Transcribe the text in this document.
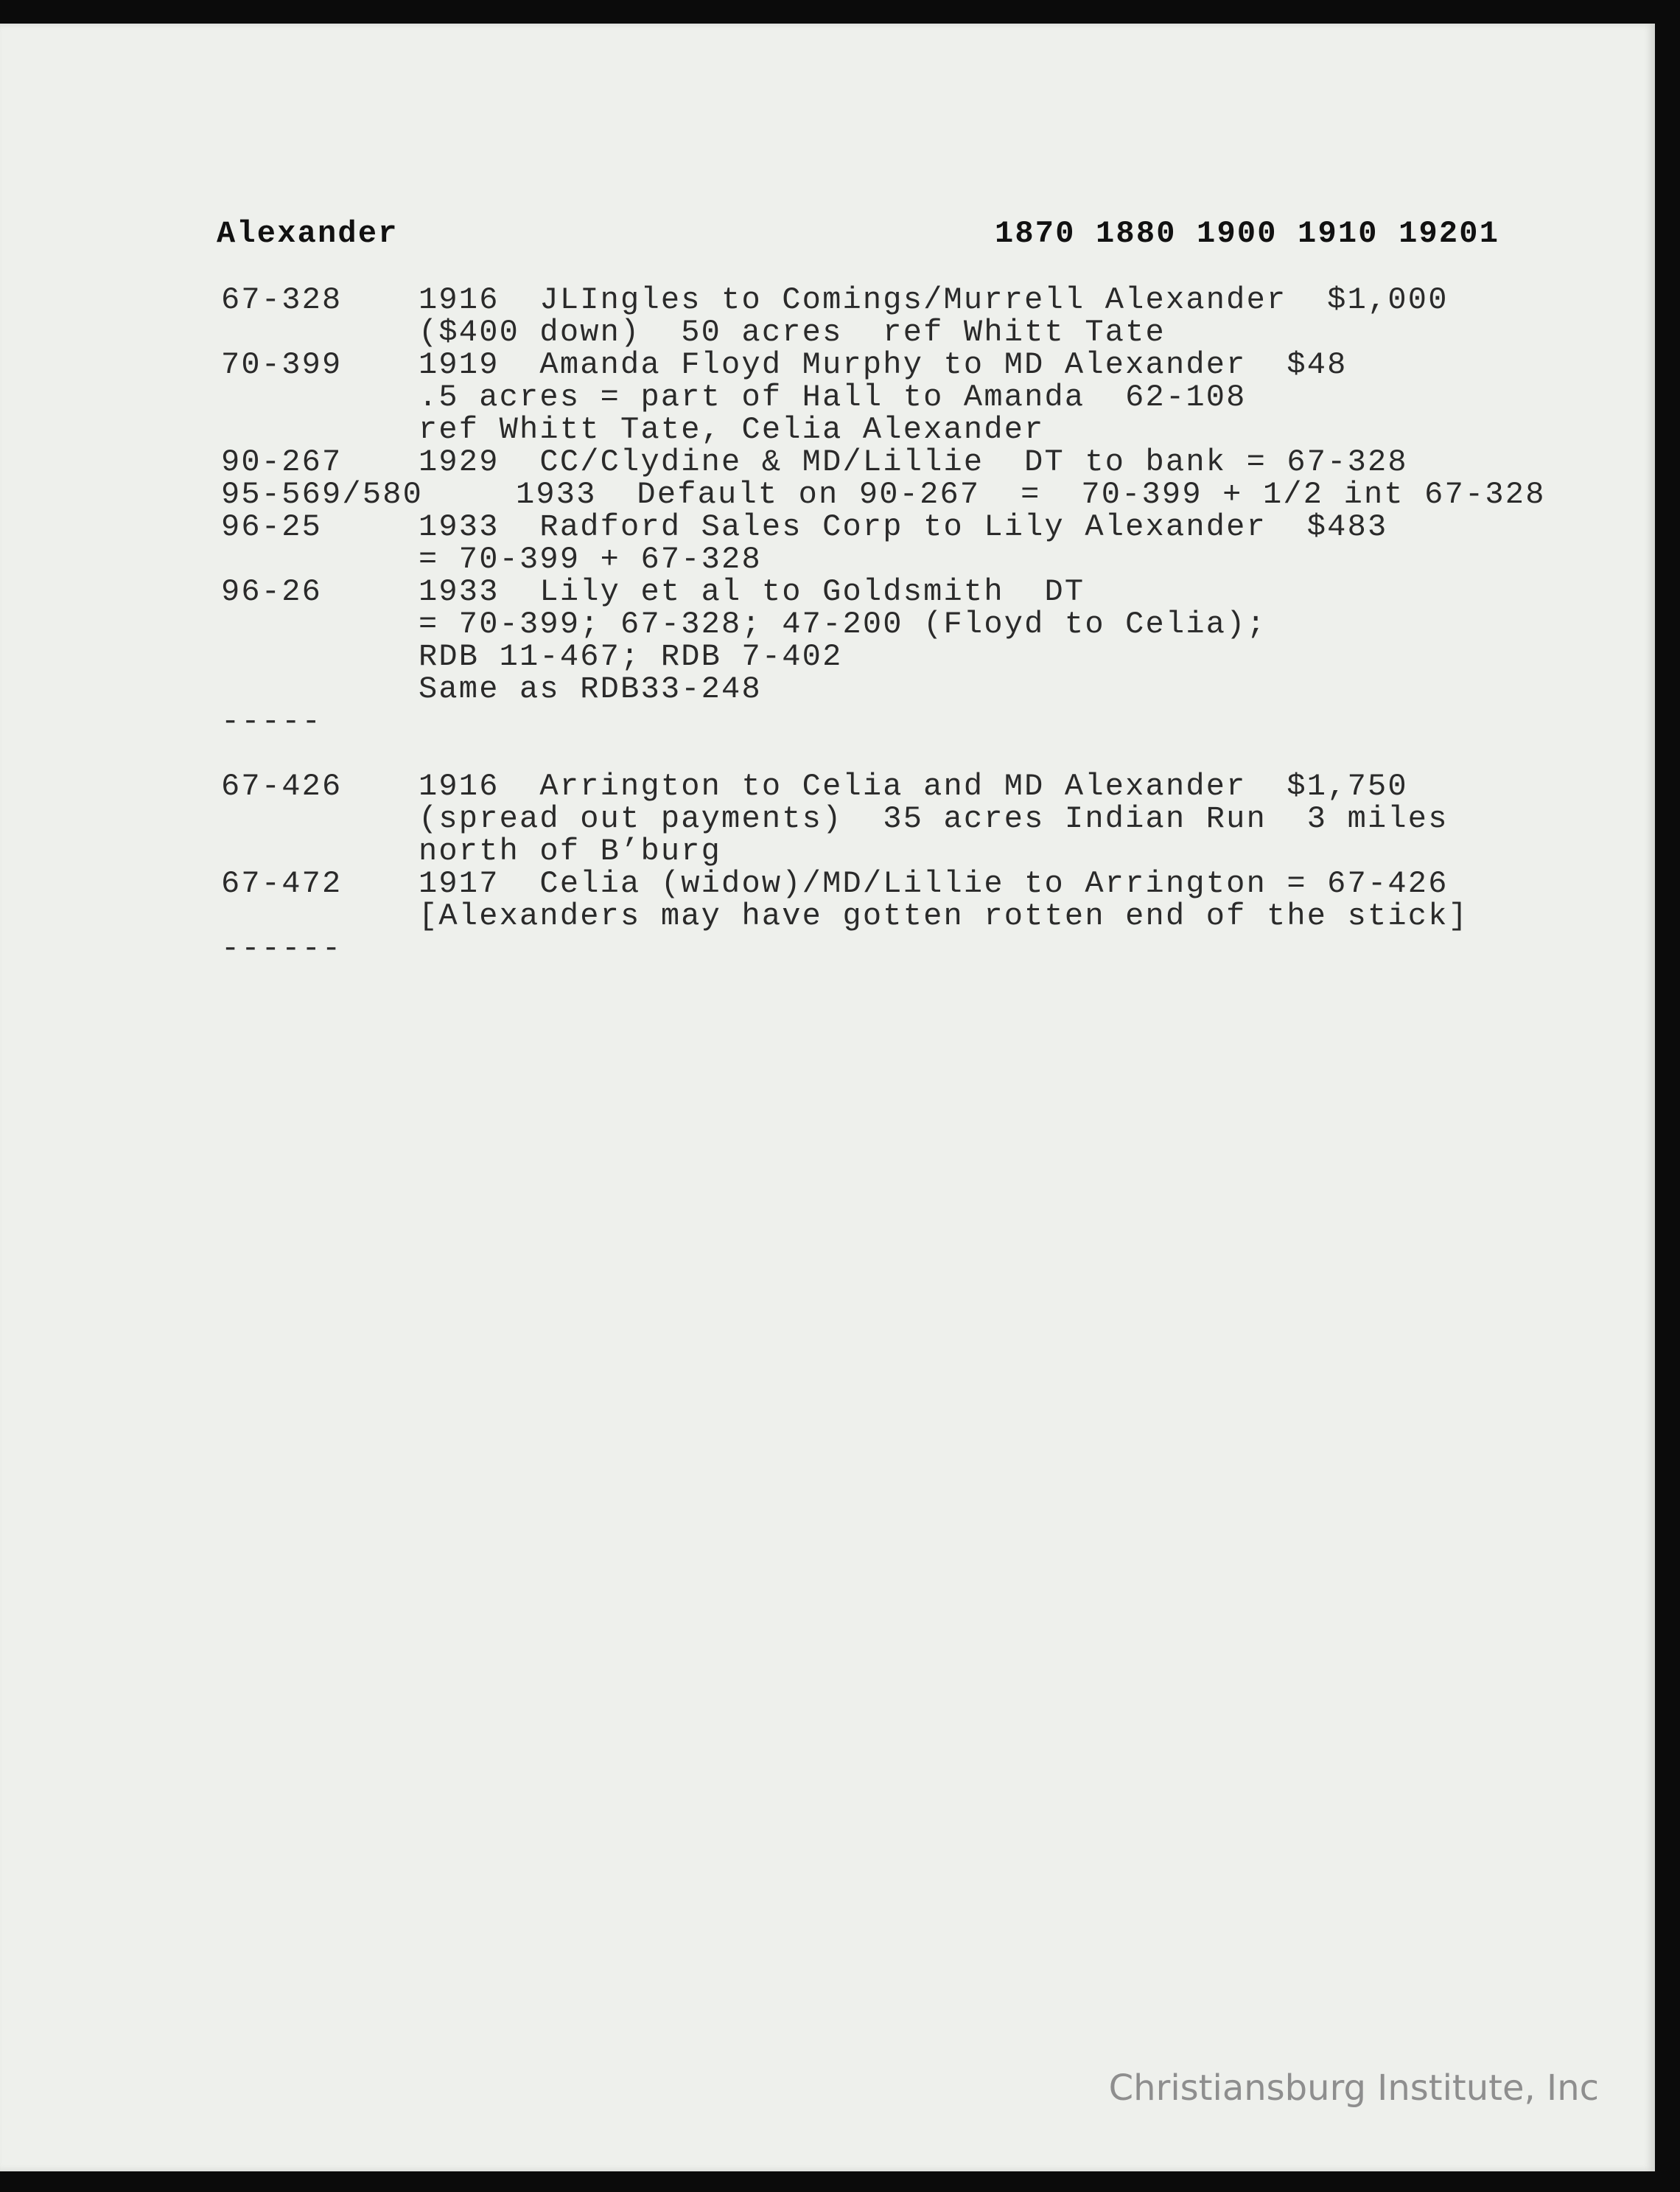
Alexander	1870 1880 1900 1910 19201

67-328 1916  JLIngles to Comings/Murrell Alexander  $1,000

($400 down)  50 acres  ref Whitt Tate

70-399 1919  Amanda Floyd Murphy to MD Alexander  $48

.5 acres = part of Hall to Amanda  62-108

ref Whitt Tate, Celia Alexander

90-267 1929  CC/Clydine & MD/Lillie  DT to bank = 67-328

95-569/580	1933  Default on 90-267  =  70-399 + 1/2 int 67-328

96-25	1933  Radford Sales Corp to Lily Alexander  $483

= 70-399 + 67-328

96-26	1933  Lily et al to Goldsmith  DT

= 70-399; 67-328; 47-200 (Floyd to Celia);

RDB 11-467; RDB 7-402

Same as RDB33-248

-----

67-426 1916  Arrington to Celia and MD Alexander  $1,750

(spread out payments)  35 acres Indian Run  3 miles

north of B’burg

67-472 1917  Celia (widow)/MD/Lillie to Arrington = 67-426

[Alexanders may have gotten rotten end of the stick]

------

Christiansburg Institute, Inc
